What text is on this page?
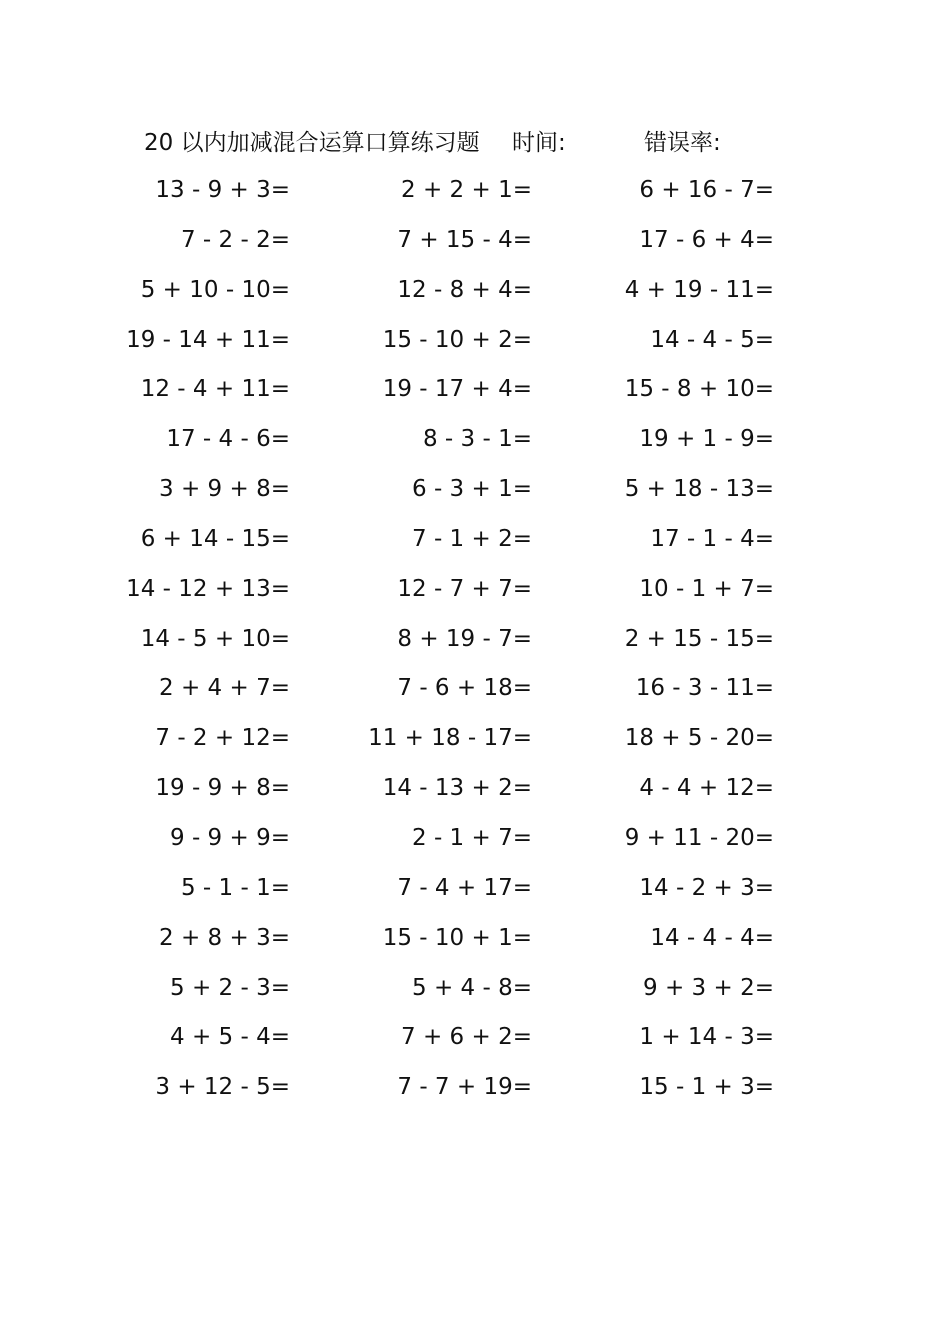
20 以内加减混合运算口算练习题 时间:	错误率:
13 - 9 + 3=	2 + 2 + 1=	6 + 16 - 7=
7 - 2 - 2=	7 + 15 - 4=	17 - 6 + 4=
5 + 10 - 10=	12 - 8 + 4=	4 + 19 - 11=
19 - 14 + 11=	15 - 10 + 2=	14 - 4 - 5=
12 - 4 + 11=	19 - 17 + 4=	15 - 8 + 10=
17 - 4 - 6=	8 - 3 - 1=	19 + 1 - 9=
3 + 9 + 8=	6 - 3 + 1=	5 + 18 - 13=
6 + 14 - 15=	7 - 1 + 2=	17 - 1 - 4=
14 - 12 + 13=	12 - 7 + 7=	10 - 1 + 7=
14 - 5 + 10=	8 + 19 - 7=	2 + 15 - 15=
2 + 4 + 7=	7 - 6 + 18=	16 - 3 - 11=
7 - 2 + 12=	11 + 18 - 17=	18 + 5 - 20=
19 - 9 + 8=	14 - 13 + 2=	4 - 4 + 12=
9 - 9 + 9=	2 - 1 + 7=	9 + 11 - 20=
5 - 1 - 1=	7 - 4 + 17=	14 - 2 + 3=
2 + 8 + 3=	15 - 10 + 1=	14 - 4 - 4=
5 + 2 - 3=	5 + 4 - 8=	9 + 3 + 2=
4 + 5 - 4=	7 + 6 + 2=	1 + 14 - 3=
3 + 12 - 5=	7 - 7 + 19=	15 - 1 + 3=
